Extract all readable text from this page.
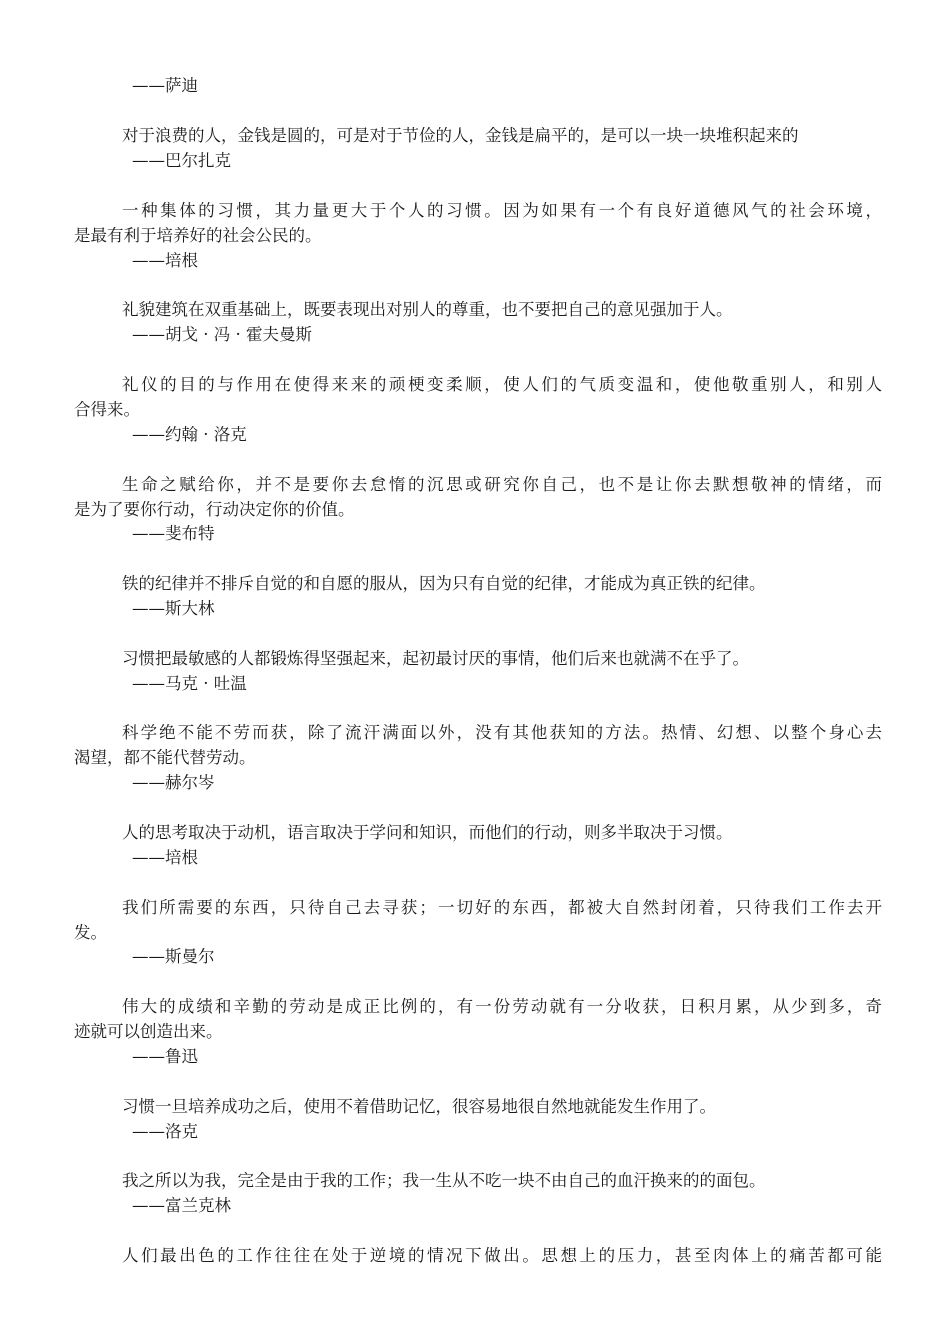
——萨迪
对于浪费的人，金钱是圆的，可是对于节俭的人，金钱是扁平的，是可以一块一块堆积起来的
——巴尔扎克
一种集体的习惯，其力量更大于个人的习惯。因为如果有一个有良好道德风气的社会环境，
是最有利于培养好的社会公民的。
——培根
礼貌建筑在双重基础上，既要表现出对别人的尊重，也不要把自己的意见强加于人。
——胡戈 · 冯 · 霍夫曼斯
礼仪的目的与作用在使得来来的顽梗变柔顺，使人们的气质变温和，使他敬重别人，和别人
合得来。
——约翰 · 洛克
生命之赋给你，并不是要你去怠惰的沉思或研究你自己，也不是让你去默想敬神的情绪，而
是为了要你行动，行动决定你的价值。
——斐布特
铁的纪律并不排斥自觉的和自愿的服从，因为只有自觉的纪律，才能成为真正铁的纪律。
——斯大林
习惯把最敏感的人都锻炼得坚强起来，起初最讨厌的事情，他们后来也就满不在乎了。
——马克 · 吐温
科学绝不能不劳而获，除了流汗满面以外，没有其他获知的方法。热情、幻想、以整个身心去
渴望，都不能代替劳动。
——赫尔岑
人的思考取决于动机，语言取决于学问和知识，而他们的行动，则多半取决于习惯。
——培根
我们所需要的东西，只待自己去寻获；一切好的东西，都被大自然封闭着，只待我们工作去开
发。
——斯曼尔
伟大的成绩和辛勤的劳动是成正比例的，有一份劳动就有一分收获，日积月累，从少到多，奇
迹就可以创造出来。
——鲁迅
习惯一旦培养成功之后，使用不着借助记忆，很容易地很自然地就能发生作用了。
——洛克
我之所以为我，完全是由于我的工作；我一生从不吃一块不由自己的血汗换来的的面包。
——富兰克林
人们最出色的工作往往在处于逆境的情况下做出。思想上的压力，甚至肉体上的痛苦都可能
